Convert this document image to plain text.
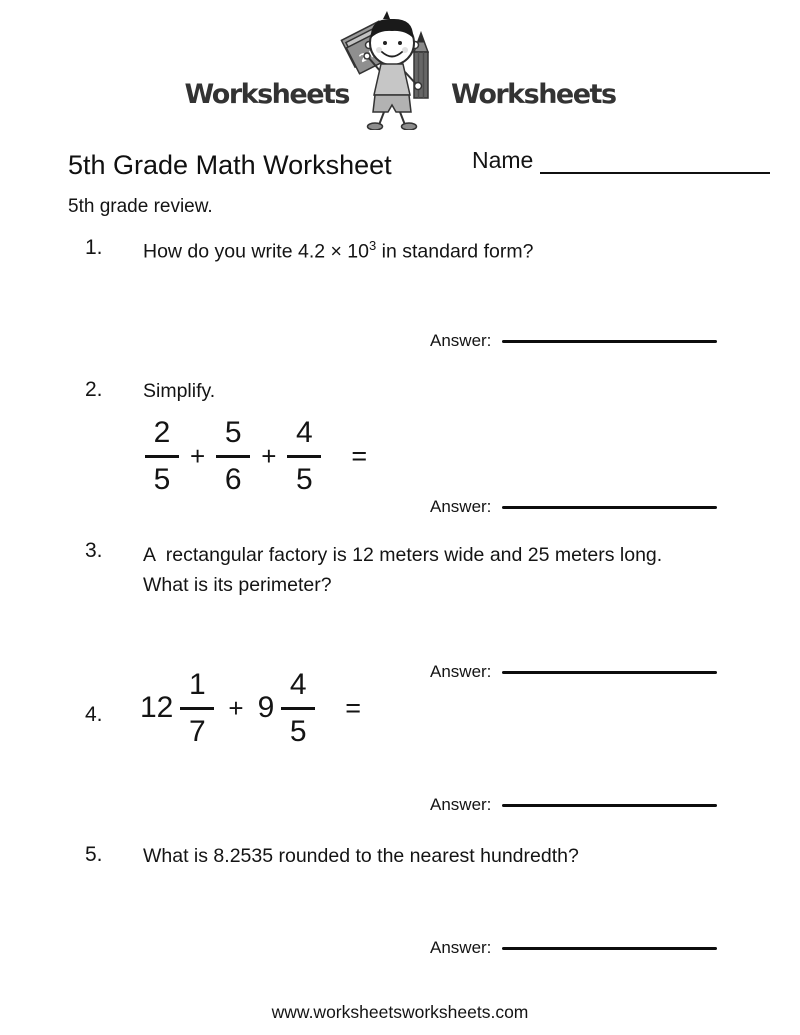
Worksheets	Worksheets
5th Grade Math Worksheet	Name
5th grade review.
1. How do you write $4.2 \times 10^3$ in standard form?
Answer:
2. Simplify.
$\frac{2}{5} + \frac{5}{6} + \frac{4}{5}$ =
Answer:
3. A  rectangular factory is 12 meters wide and 25 meters long.
What is its perimeter?
Answer:
4. $12 \frac{1}{7} + 9 \frac{4}{5}$ =
Answer:
5. What is 8.2535 rounded to the nearest hundredth?
Answer:
www.worksheetsworksheets.com
